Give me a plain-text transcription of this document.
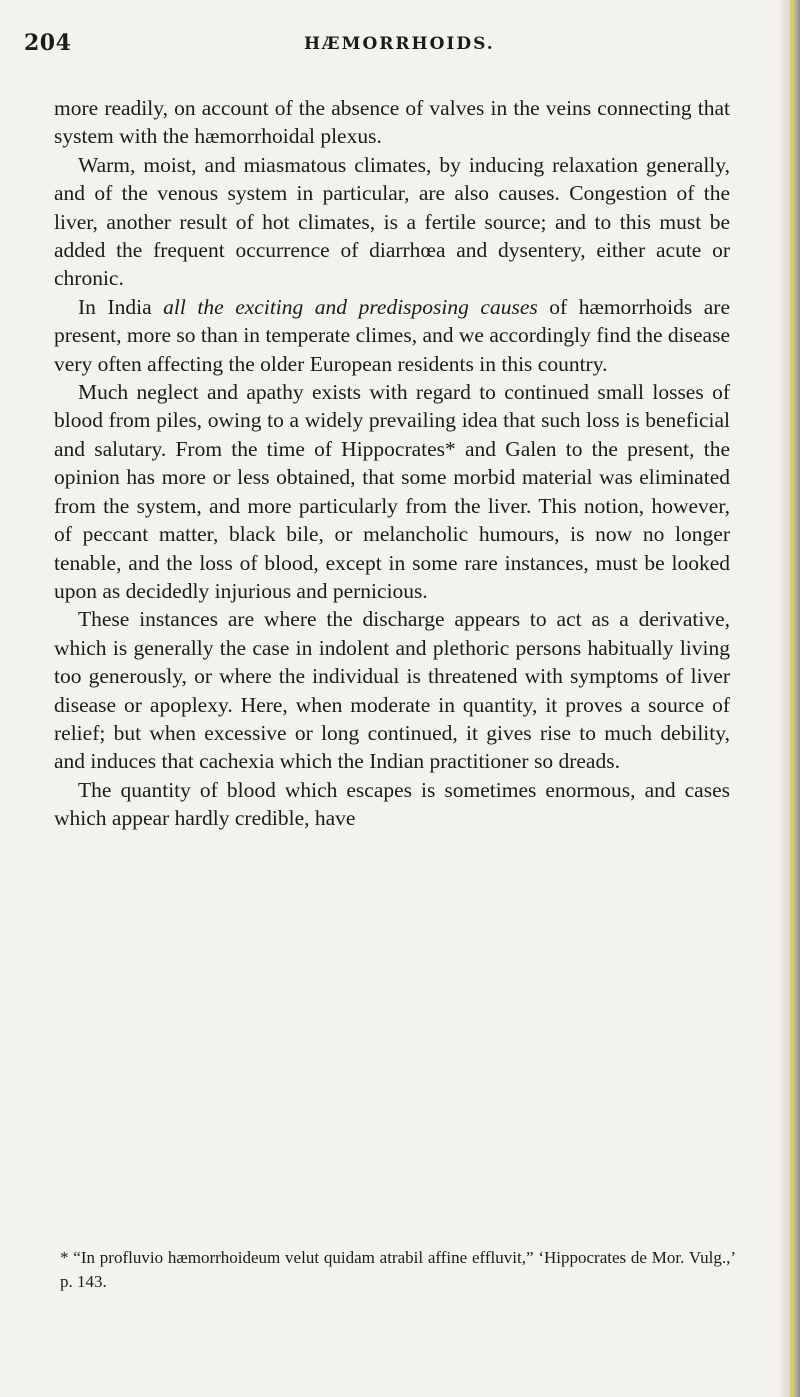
204	HÆMORRHOIDS.

more readily, on account of the absence of valves in the veins connecting that system with the hæmorrhoidal plexus.

Warm, moist, and miasmatous climates, by inducing relaxation generally, and of the venous system in particular, are also causes. Congestion of the liver, another result of hot climates, is a fertile source; and to this must be added the frequent occurrence of diarrhœa and dysentery, either acute or chronic.

In India all the exciting and predisposing causes of hæmorrhoids are present, more so than in temperate climes, and we accordingly find the disease very often affecting the older European residents in this country.

Much neglect and apathy exists with regard to continued small losses of blood from piles, owing to a widely prevailing idea that such loss is beneficial and salutary. From the time of Hippocrates* and Galen to the present, the opinion has more or less obtained, that some morbid material was eliminated from the system, and more particularly from the liver. This notion, however, of peccant matter, black bile, or melancholic humours, is now no longer tenable, and the loss of blood, except in some rare instances, must be looked upon as decidedly injurious and pernicious.

These instances are where the discharge appears to act as a derivative, which is generally the case in indolent and plethoric persons habitually living too generously, or where the individual is threatened with symptoms of liver disease or apoplexy. Here, when moderate in quantity, it proves a source of relief; but when excessive or long continued, it gives rise to much debility, and induces that cachexia which the Indian practitioner so dreads.

The quantity of blood which escapes is sometimes enormous, and cases which appear hardly credible, have

* “In profluvio hæmorrhoideum velut quidam atrabil affine effluvit,” ‘Hippocrates de Mor. Vulg.,’ p. 143.
